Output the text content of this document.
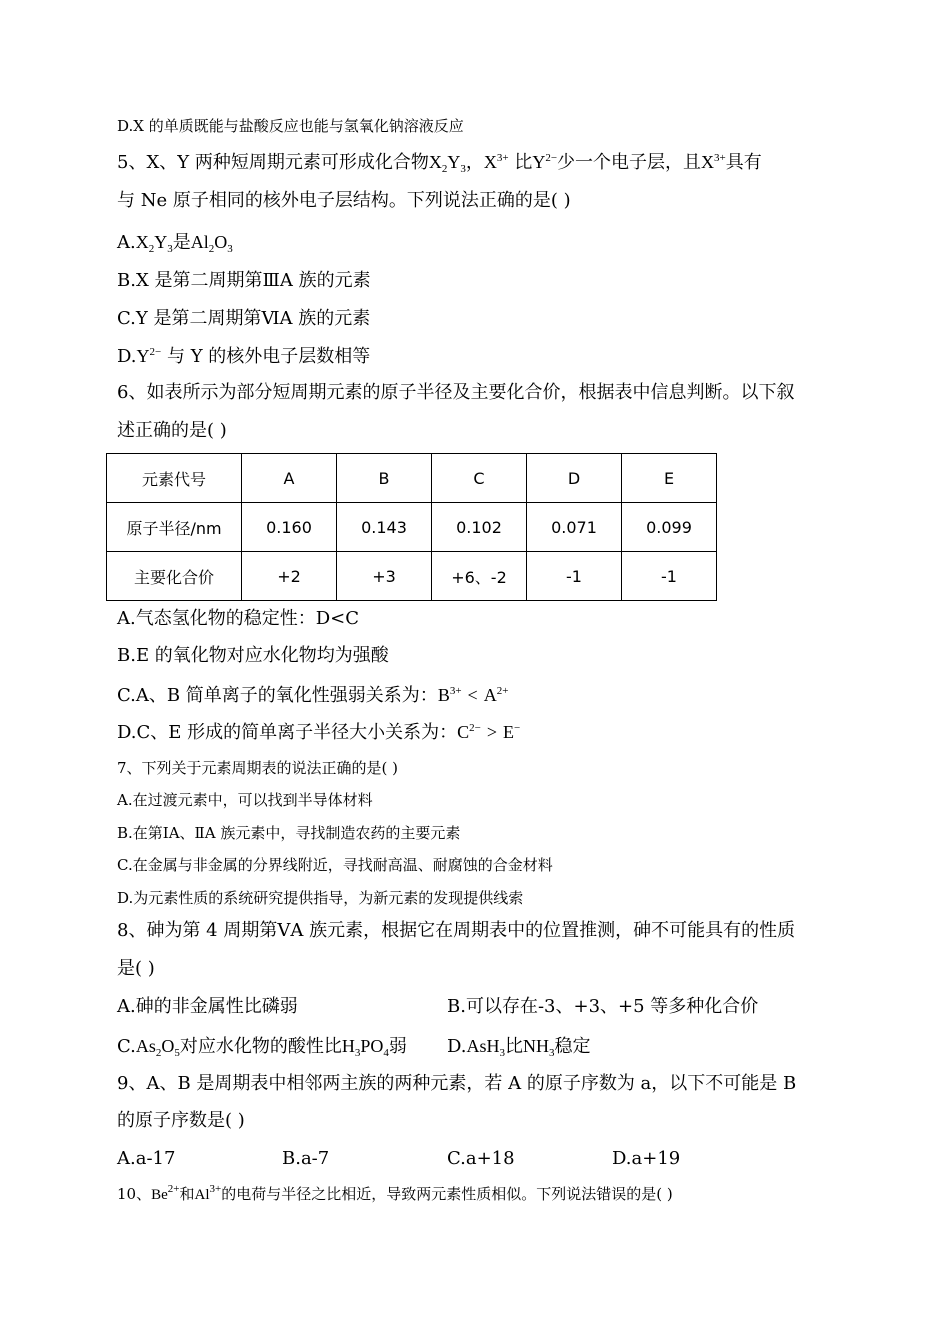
D.X 的单质既能与盐酸反应也能与氢氧化钠溶液反应
5、X、Y 两种短周期元素可形成化合物$X_2Y_3$，$X^{3+}$ 比$Y^{2-}$少一个电子层，且$X^{3+}$具有
与 Ne 原子相同的核外电子层结构。下列说法正确的是( )
$A.X_2Y_3$是$Al_2O_3$
B.X 是第二周期第ⅢA 族的元素
C.Y 是第二周期第ⅥA 族的元素
$D.Y^{2-}$ 与 Y 的核外电子层数相等
6、如表所示为部分短周期元素的原子半径及主要化合价，根据表中信息判断。以下叙
述正确的是( )
元素代号	A	B	C	D	E
原子半径/nm	0.160	0.143	0.102	0.071	0.099
主要化合价	+2	+3	+6、-2	-1	-1
A.气态氢化物的稳定性：D<C
B.E 的氧化物对应水化物均为强酸
C.A、B 简单离子的氧化性强弱关系为：$B^{3+} < A^{2+}$
D.C、E 形成的简单离子半径大小关系为：$C^{2-} > E^-$
7、下列关于元素周期表的说法正确的是( )
A.在过渡元素中，可以找到半导体材料
B.在第ⅠA、ⅡA 族元素中，寻找制造农药的主要元素
C.在金属与非金属的分界线附近，寻找耐高温、耐腐蚀的合金材料
D.为元素性质的系统研究提供指导，为新元素的发现提供线索
8、砷为第 4 周期第ⅤA 族元素，根据它在周期表中的位置推测，砷不可能具有的性质
是( )
A.砷的非金属性比磷弱	B.可以存在-3、+3、+5 等多种化合价
$C.As_2O_5$对应水化物的酸性比$H_3PO_4$弱 D.AsH$_3$比$NH_3$稳定
9、A、B 是周期表中相邻两主族的两种元素，若 A 的原子序数为 a，以下不可能是 B
的原子序数是( )
A.a-17	B.a-7	C.a+18	D.a+19
10、$Be^{2+}$和$Al^{3+}$的电荷与半径之比相近，导致两元素性质相似。下列说法错误的是( )
